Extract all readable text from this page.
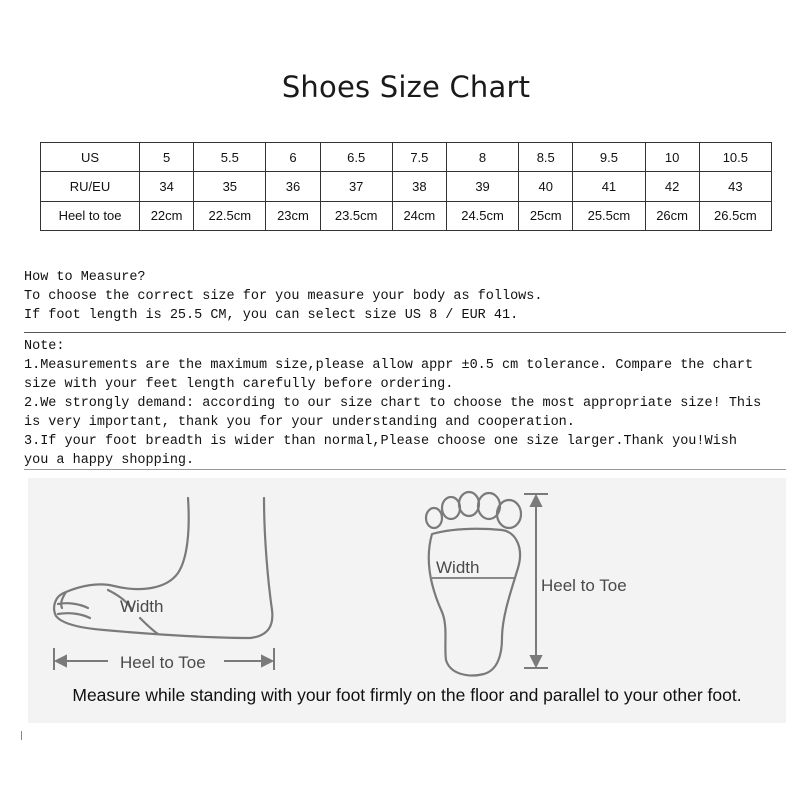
Shoes Size Chart
US	5	5.5	6	6.5	7.5	8	8.5	9.5	10	10.5
RU/EU	34	35	36	37	38	39	40	41	42	43
Heel to toe	22cm	22.5cm	23cm	23.5cm	24cm	24.5cm	25cm	25.5cm	26cm	26.5cm
How to Measure?
To choose the correct size for you measure your body as follows.
If foot length is 25.5 CM, you can select size US 8 / EUR 41.
Note:
1.Measurements are the maximum size,please allow appr ±0.5 cm tolerance. Compare the chart
size with your feet length carefully before ordering.
2.We strongly demand: according to our size chart to choose the most appropriate size! This
is very important, thank you for your understanding and cooperation.
3.If your foot breadth is wider than normal,Please choose one size larger.Thank you!Wish
you a happy shopping.
Width
Heel to Toe
Width
Heel to Toe
Measure while standing with your foot firmly on the floor and parallel to your other foot.
